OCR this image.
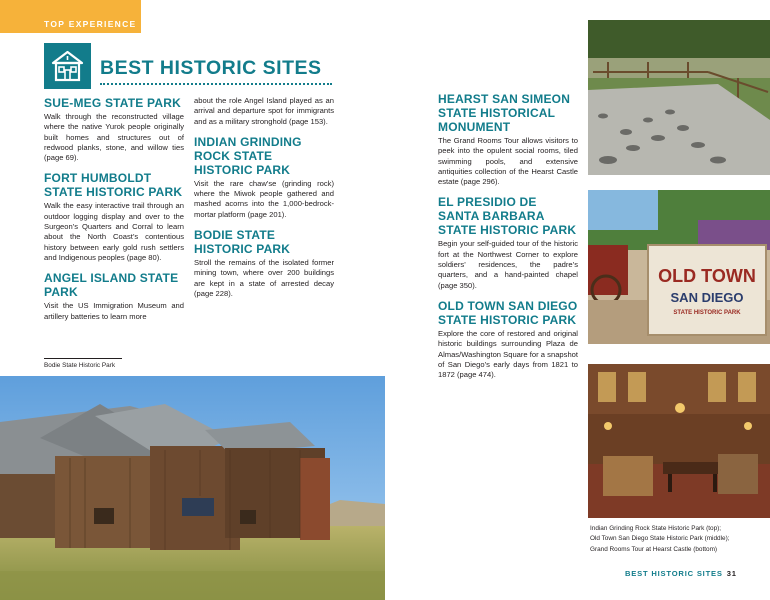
TOP EXPERIENCE
BEST HISTORIC SITES
SUE-MEG STATE PARK

Walk through the reconstructed village where the native Yurok people originally built homes and structures out of redwood planks, stone, and willow ties (page 69).

FORT HUMBOLDT STATE HISTORIC PARK

Walk the easy interactive trail through an outdoor logging display and over to the Surgeon’s Quarters and Corral to learn about the North Coast’s contentious history between early gold rush settlers and Indigenous peoples (page 80).

ANGEL ISLAND STATE PARK

Visit the US Immigration Museum and artillery batteries to learn more

about the role Angel Island played as an arrival and departure spot for immigrants and as a military stronghold (page 153).

INDIAN GRINDING ROCK STATE HISTORIC PARK

Visit the rare chaw’se (grinding rock) where the Miwok people gathered and mashed acorns into the 1,000-bedrock-mortar platform (page 201).

BODIE STATE HISTORIC PARK

Stroll the remains of the isolated former mining town, where over 200 buildings are kept in a state of arrested decay (page 228).

Bodie State Historic Park
HEARST SAN SIMEON STATE HISTORICAL MONUMENT

The Grand Rooms Tour allows visitors to peek into the opulent social rooms, tiled swimming pools, and extensive antiquities collection of the Hearst Castle estate (page 296).

EL PRESIDIO DE SANTA BARBARA STATE HISTORIC PARK

Begin your self-guided tour of the historic fort at the Northwest Corner to explore soldiers’ residences, the padre’s quarters, and a hand-painted chapel (page 350).

OLD TOWN SAN DIEGO STATE HISTORIC PARK

Explore the core of restored and original historic buildings surrounding Plaza de Almas/Washington Square for a snapshot of San Diego’s early days from 1821 to 1872 (page 474).

OLD TOWN
SAN DIEGO
STATE HISTORIC PARK
Indian Grinding Rock State Historic Park (top); Old Town San Diego State Historic Park (middle); Grand Rooms Tour at Hearst Castle (bottom)
BEST HISTORIC SITES 31
